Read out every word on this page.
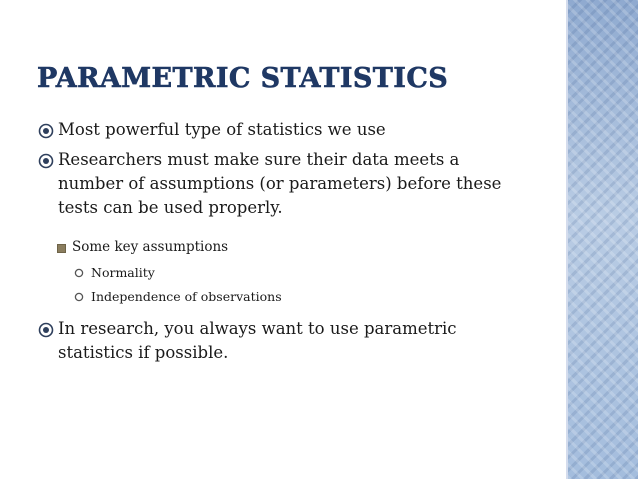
PARAMETRIC STATISTICS
Most powerful type of statistics we use
Researchers must make sure their data meets a number of assumptions (or parameters) before these tests can be used properly.
Some key assumptions
Normality
Independence of observations
In research, you always want to use parametric statistics if possible.
